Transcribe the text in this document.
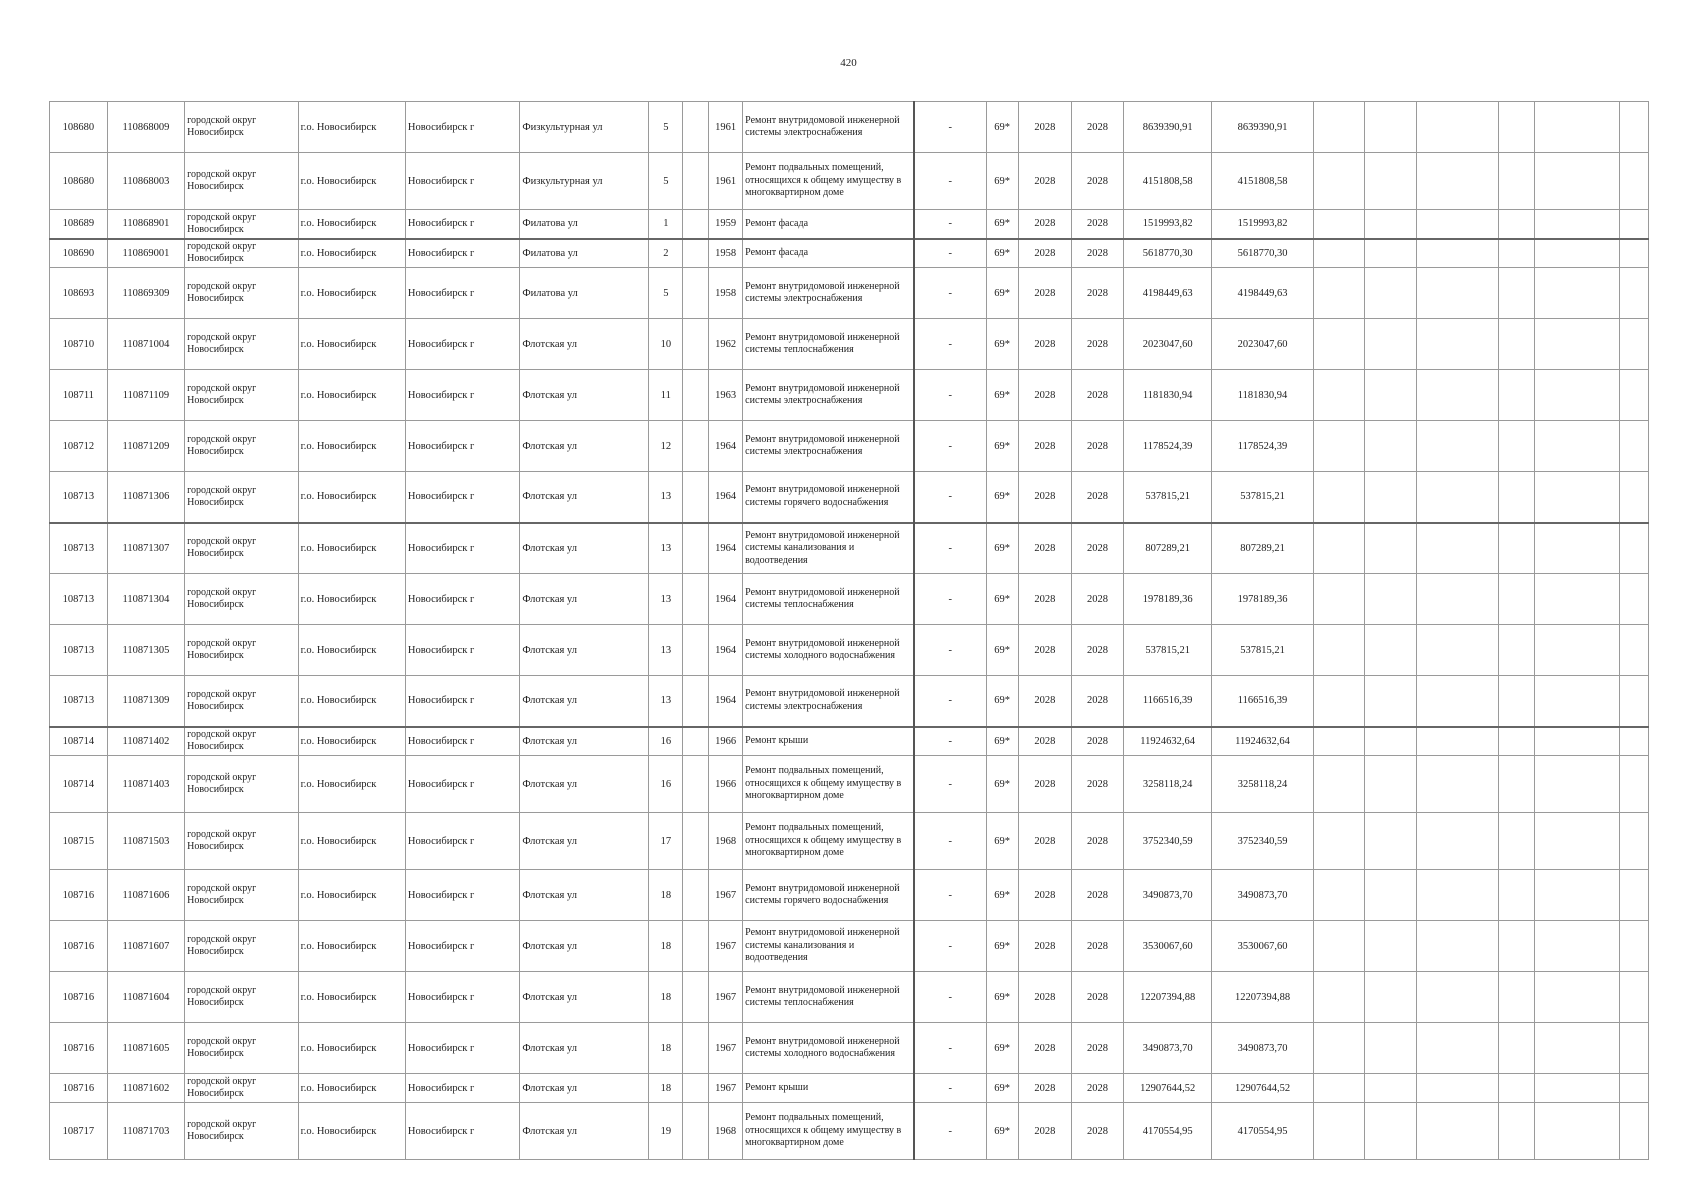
420
108680	110868009	городской округ Новосибирск	г.о. Новосибирск	Новосибирск г	Физкультурная ул	5		1961	Ремонт внутридомовой инженерной системы электроснабжения	-	69*	2028	2028	8639390,91	8639390,91						
108680	110868003	городской округ Новосибирск	г.о. Новосибирск	Новосибирск г	Физкультурная ул	5		1961	Ремонт подвальных помещений, относящихся к общему имуществу в многоквартирном доме	-	69*	2028	2028	4151808,58	4151808,58						
108689	110868901	городской округ Новосибирск	г.о. Новосибирск	Новосибирск г	Филатова ул	1		1959	Ремонт фасада	-	69*	2028	2028	1519993,82	1519993,82						
108690	110869001	городской округ Новосибирск	г.о. Новосибирск	Новосибирск г	Филатова ул	2		1958	Ремонт фасада	-	69*	2028	2028	5618770,30	5618770,30						
108693	110869309	городской округ Новосибирск	г.о. Новосибирск	Новосибирск г	Филатова ул	5		1958	Ремонт внутридомовой инженерной системы электроснабжения	-	69*	2028	2028	4198449,63	4198449,63						
108710	110871004	городской округ Новосибирск	г.о. Новосибирск	Новосибирск г	Флотская ул	10		1962	Ремонт внутридомовой инженерной системы теплоснабжения	-	69*	2028	2028	2023047,60	2023047,60						
108711	110871109	городской округ Новосибирск	г.о. Новосибирск	Новосибирск г	Флотская ул	11		1963	Ремонт внутридомовой инженерной системы электроснабжения	-	69*	2028	2028	1181830,94	1181830,94						
108712	110871209	городской округ Новосибирск	г.о. Новосибирск	Новосибирск г	Флотская ул	12		1964	Ремонт внутридомовой инженерной системы электроснабжения	-	69*	2028	2028	1178524,39	1178524,39						
108713	110871306	городской округ Новосибирск	г.о. Новосибирск	Новосибирск г	Флотская ул	13		1964	Ремонт внутридомовой инженерной системы горячего водоснабжения	-	69*	2028	2028	537815,21	537815,21						
108713	110871307	городской округ Новосибирск	г.о. Новосибирск	Новосибирск г	Флотская ул	13		1964	Ремонт внутридомовой инженерной системы канализования и водоотведения	-	69*	2028	2028	807289,21	807289,21						
108713	110871304	городской округ Новосибирск	г.о. Новосибирск	Новосибирск г	Флотская ул	13		1964	Ремонт внутридомовой инженерной системы теплоснабжения	-	69*	2028	2028	1978189,36	1978189,36						
108713	110871305	городской округ Новосибирск	г.о. Новосибирск	Новосибирск г	Флотская ул	13		1964	Ремонт внутридомовой инженерной системы холодного водоснабжения	-	69*	2028	2028	537815,21	537815,21						
108713	110871309	городской округ Новосибирск	г.о. Новосибирск	Новосибирск г	Флотская ул	13		1964	Ремонт внутридомовой инженерной системы электроснабжения	-	69*	2028	2028	1166516,39	1166516,39						
108714	110871402	городской округ Новосибирск	г.о. Новосибирск	Новосибирск г	Флотская ул	16		1966	Ремонт крыши	-	69*	2028	2028	11924632,64	11924632,64						
108714	110871403	городской округ Новосибирск	г.о. Новосибирск	Новосибирск г	Флотская ул	16		1966	Ремонт подвальных помещений, относящихся к общему имуществу в многоквартирном доме	-	69*	2028	2028	3258118,24	3258118,24						
108715	110871503	городской округ Новосибирск	г.о. Новосибирск	Новосибирск г	Флотская ул	17		1968	Ремонт подвальных помещений, относящихся к общему имуществу в многоквартирном доме	-	69*	2028	2028	3752340,59	3752340,59						
108716	110871606	городской округ Новосибирск	г.о. Новосибирск	Новосибирск г	Флотская ул	18		1967	Ремонт внутридомовой инженерной системы горячего водоснабжения	-	69*	2028	2028	3490873,70	3490873,70						
108716	110871607	городской округ Новосибирск	г.о. Новосибирск	Новосибирск г	Флотская ул	18		1967	Ремонт внутридомовой инженерной системы канализования и водоотведения	-	69*	2028	2028	3530067,60	3530067,60						
108716	110871604	городской округ Новосибирск	г.о. Новосибирск	Новосибирск г	Флотская ул	18		1967	Ремонт внутридомовой инженерной системы теплоснабжения	-	69*	2028	2028	12207394,88	12207394,88						
108716	110871605	городской округ Новосибирск	г.о. Новосибирск	Новосибирск г	Флотская ул	18		1967	Ремонт внутридомовой инженерной системы холодного водоснабжения	-	69*	2028	2028	3490873,70	3490873,70						
108716	110871602	городской округ Новосибирск	г.о. Новосибирск	Новосибирск г	Флотская ул	18		1967	Ремонт крыши	-	69*	2028	2028	12907644,52	12907644,52						
108717	110871703	городской округ Новосибирск	г.о. Новосибирск	Новосибирск г	Флотская ул	19		1968	Ремонт подвальных помещений, относящихся к общему имуществу в многоквартирном доме	-	69*	2028	2028	4170554,95	4170554,95						
